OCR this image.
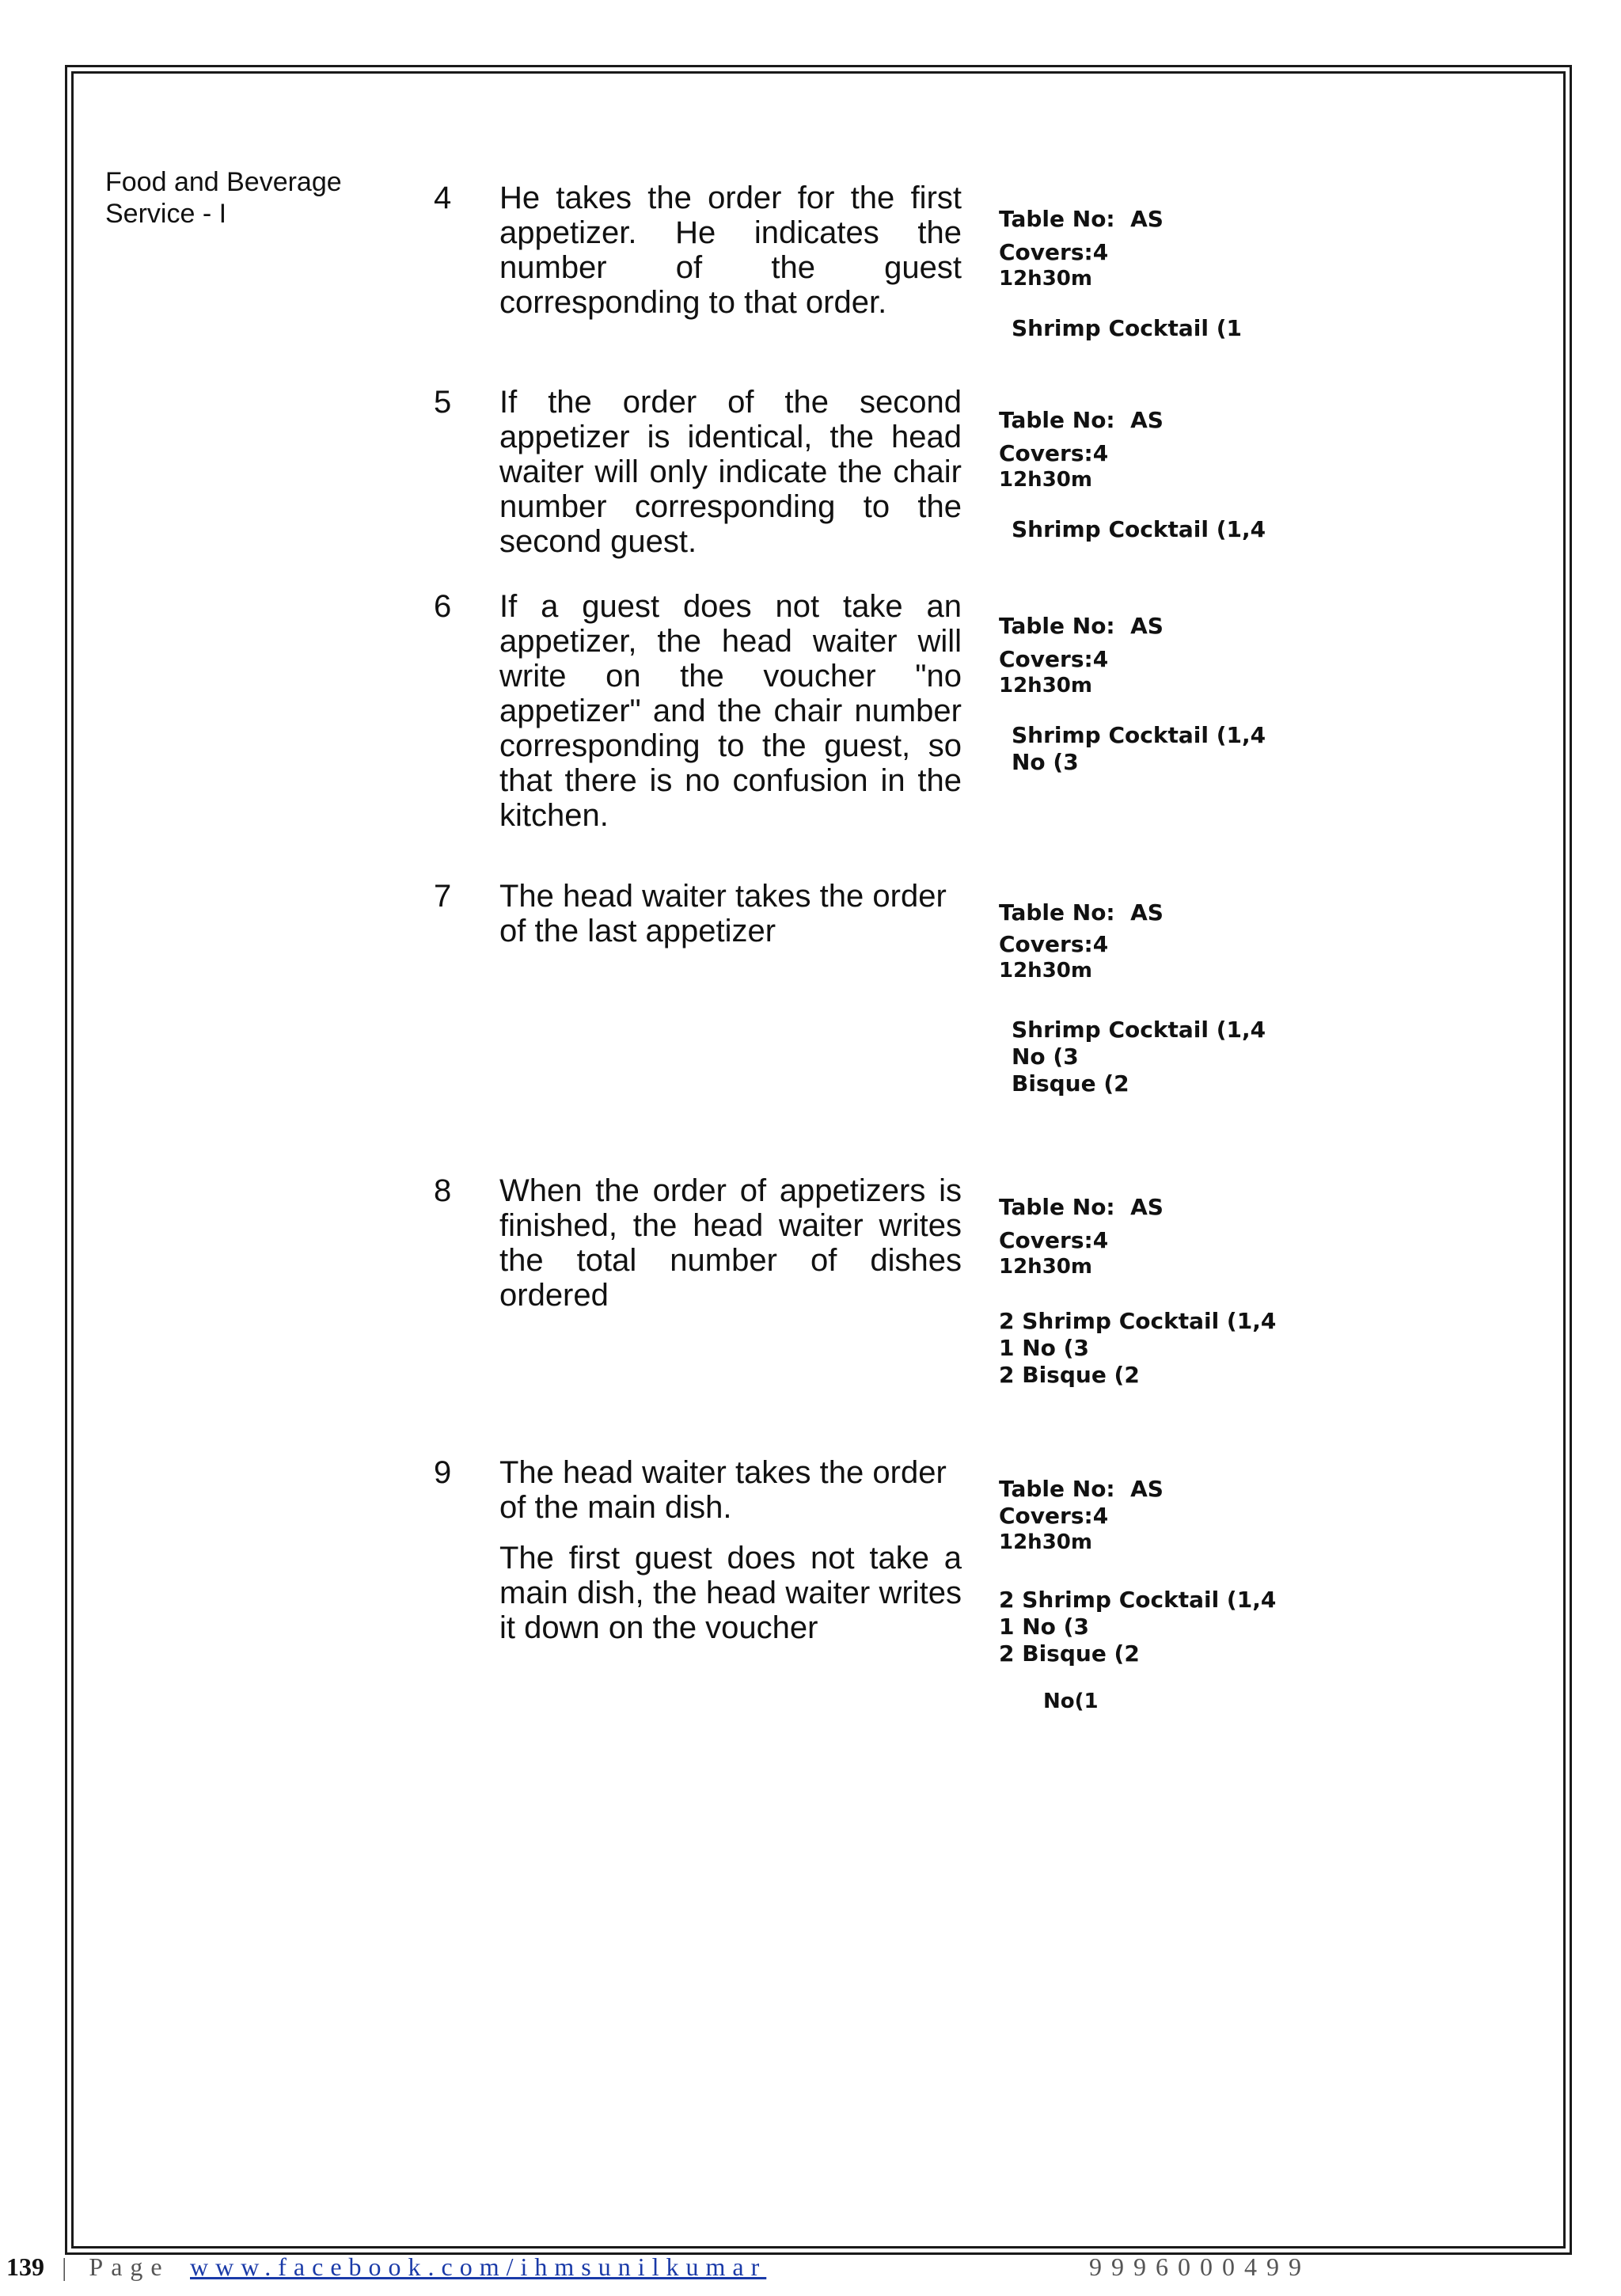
Food and Beverage Service - I	4 He takes the order for the first appetizer. He indicates the number of the guest corresponding to that order.

Table No:  AS
Covers:4
12h30m
Shrimp Cocktail (1
5 If the order of the second appetizer is identical, the head waiter will only indicate the chair number corresponding to the second guest.

Table No:  AS
Covers:4
12h30m
Shrimp Cocktail (1,4
6 If a guest does not take an appetizer, the head waiter will write on the voucher "no appetizer" and the chair number corresponding to the guest, so that there is no confusion in the kitchen.

Table No:  AS
Covers:4
12h30m
Shrimp Cocktail (1,4
No (3
7 The head waiter takes the order of the last appetizer

Table No:  AS
Covers:4
12h30m
Shrimp Cocktail (1,4
No (3
Bisque (2
8 When the order of appetizers is finished, the head waiter writes the total number of dishes ordered

Table No:  AS
Covers:4
12h30m
2 Shrimp Cocktail (1,4
1 No (3
2 Bisque (2
9 The head waiter takes the order of the main dish.

The first guest does not take a main dish, the head waiter writes it down on the voucher

Table No:  AS
Covers:4
12h30m
2 Shrimp Cocktail (1,4
1 No (3
2 Bisque (2
No(1
139 | Page www.facebook.com/ihmsunilkumar	9996000499
